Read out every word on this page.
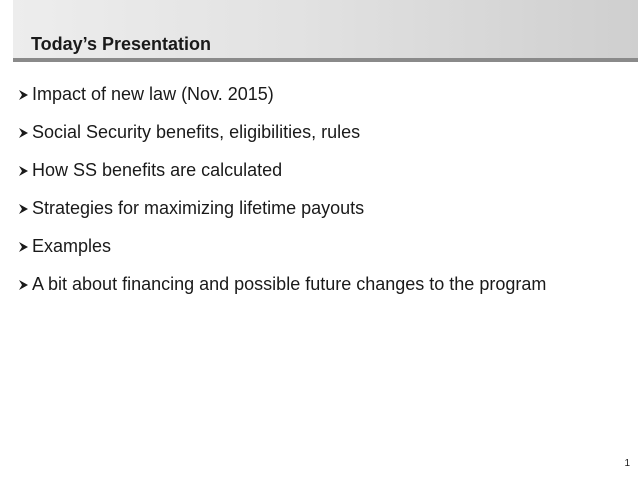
Today’s Presentation
Impact of new law (Nov. 2015)
Social Security benefits, eligibilities, rules
How SS benefits are calculated
Strategies for maximizing lifetime payouts
Examples
A bit about financing and possible future changes to the program
1
